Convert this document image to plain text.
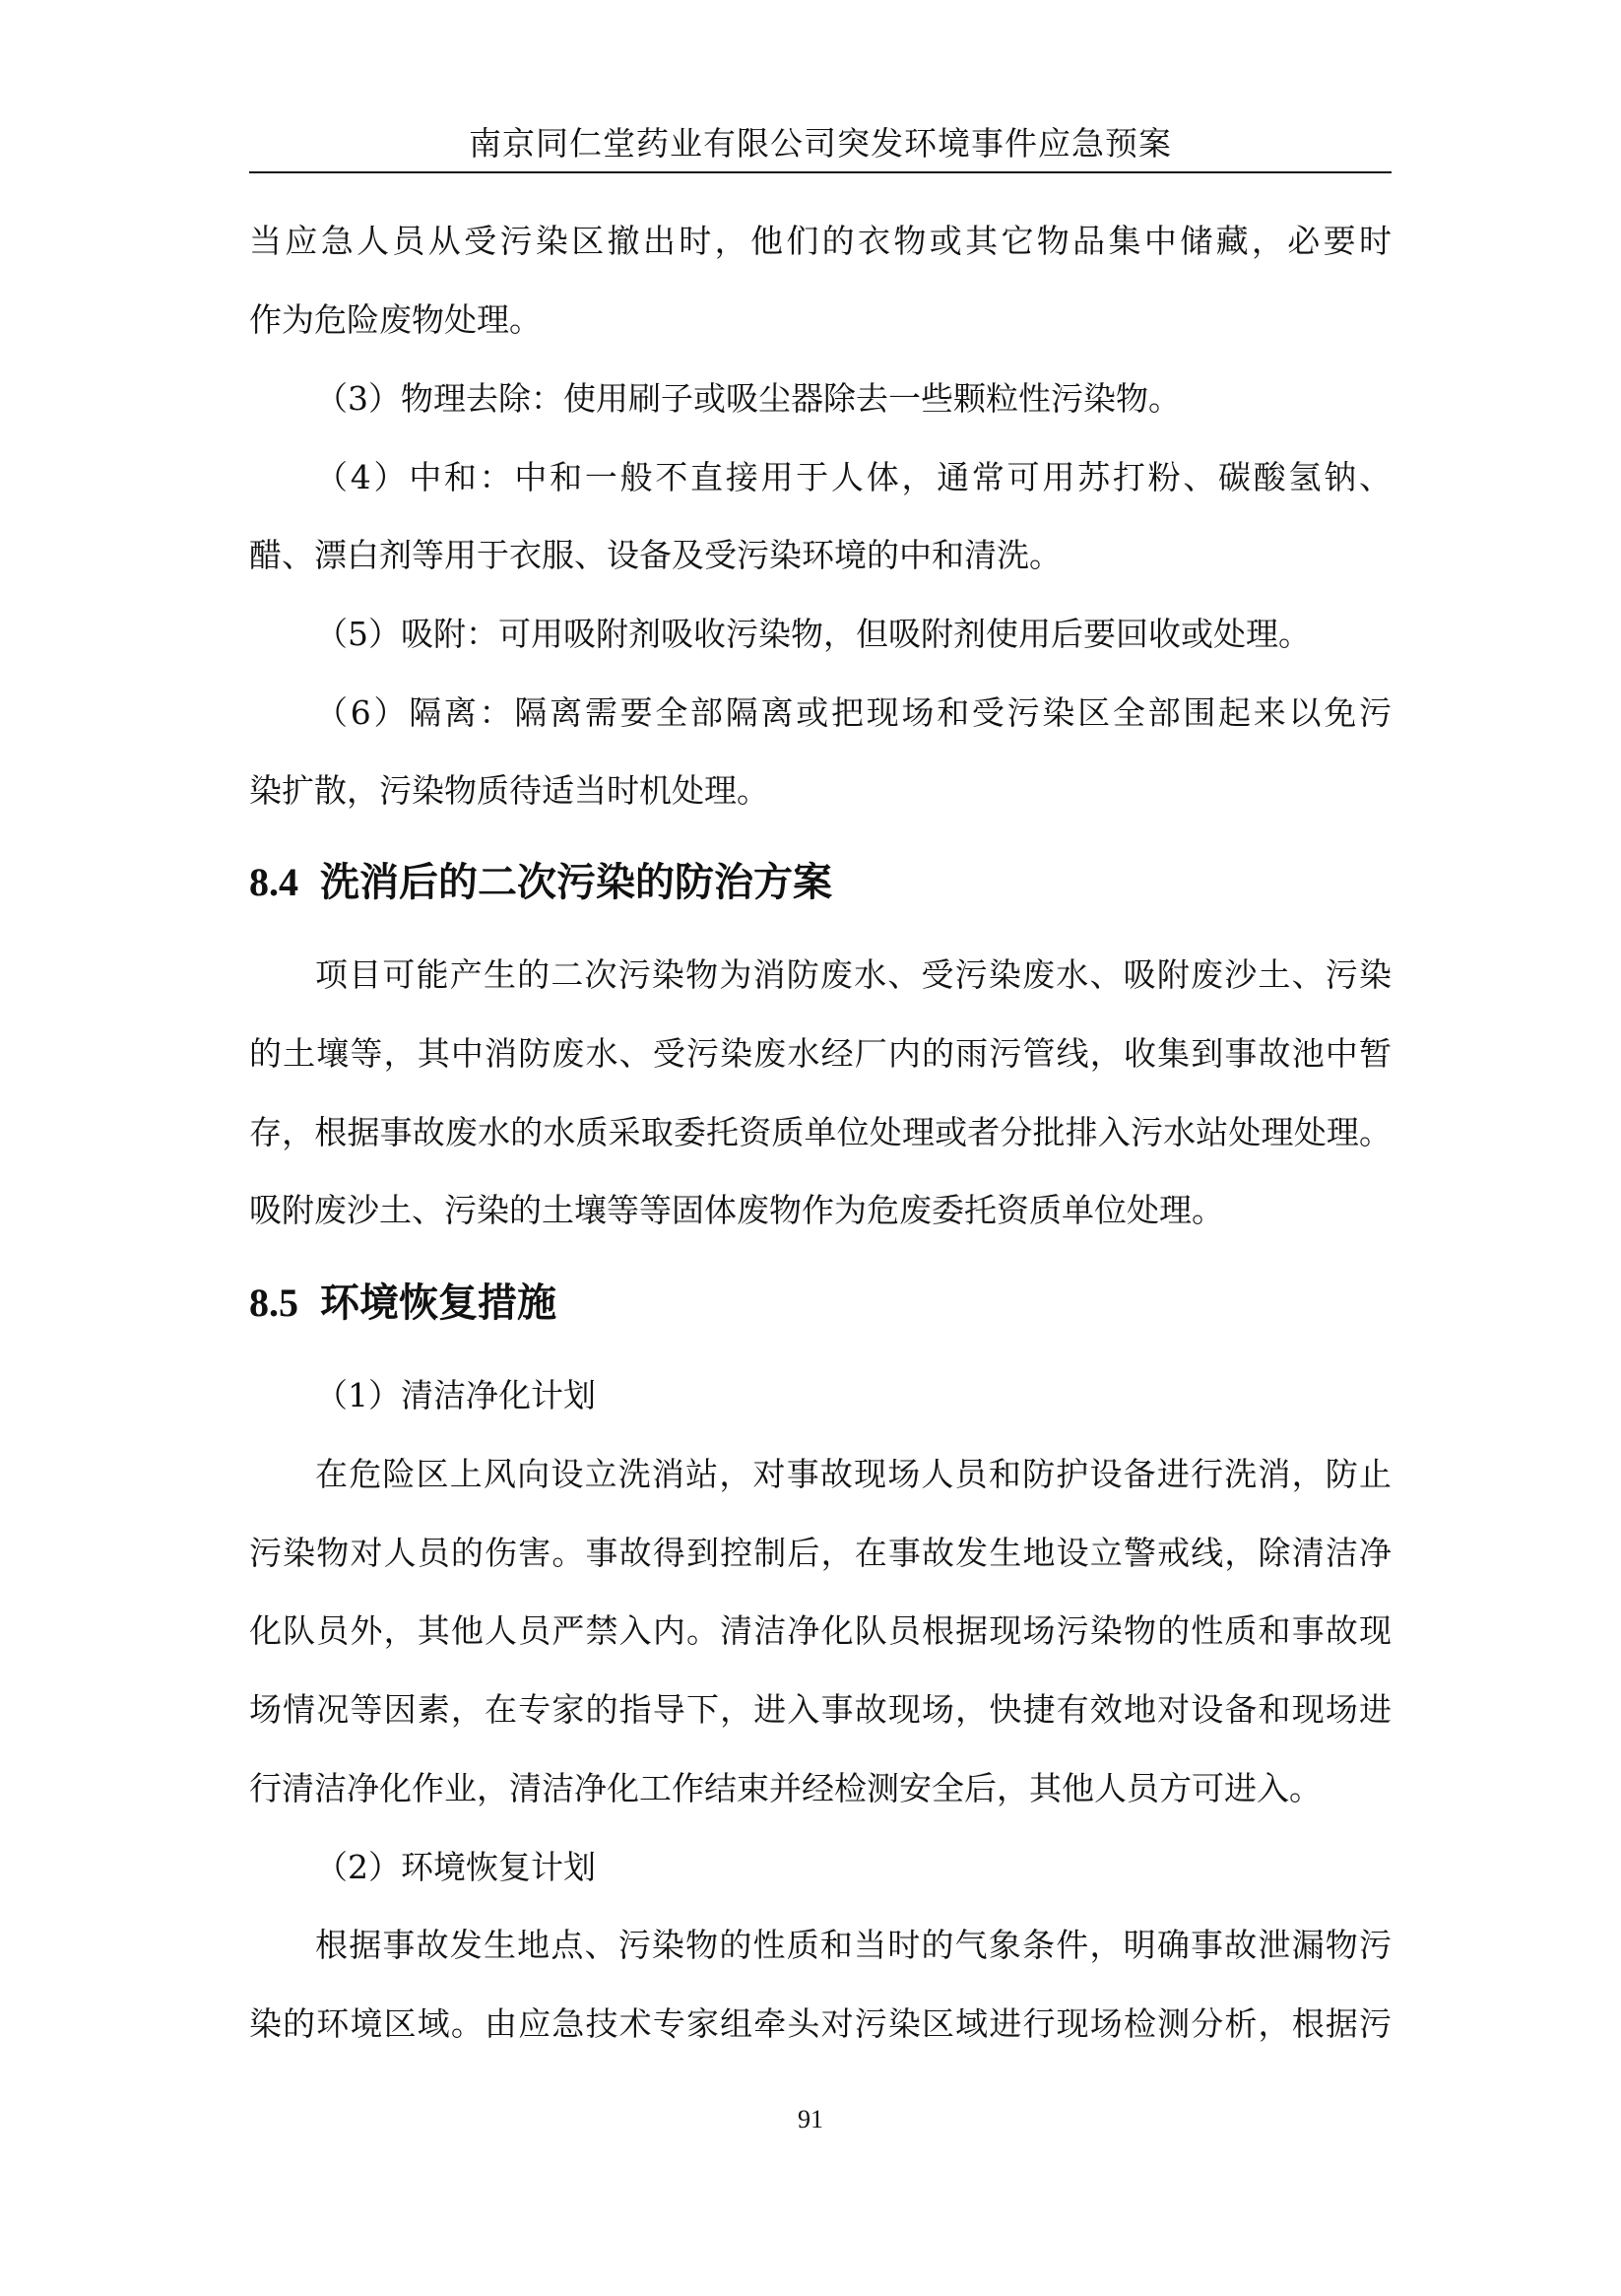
南京同仁堂药业有限公司突发环境事件应急预案
当应急人员从受污染区撤出时，他们的衣物或其它物品集中储藏，必要时
作为危险废物处理。
（3）物理去除：使用刷子或吸尘器除去一些颗粒性污染物。
（4）中和：中和一般不直接用于人体，通常可用苏打粉、碳酸氢钠、
醋、漂白剂等用于衣服、设备及受污染环境的中和清洗。
（5）吸附：可用吸附剂吸收污染物，但吸附剂使用后要回收或处理。
（6）隔离：隔离需要全部隔离或把现场和受污染区全部围起来以免污
染扩散，污染物质待适当时机处理。
8.4 洗消后的二次污染的防治方案
项目可能产生的二次污染物为消防废水、受污染废水、吸附废沙土、污染
的土壤等，其中消防废水、受污染废水经厂内的雨污管线，收集到事故池中暂
存，根据事故废水的水质采取委托资质单位处理或者分批排入污水站处理处理。
吸附废沙土、污染的土壤等等固体废物作为危废委托资质单位处理。
8.5 环境恢复措施
（1）清洁净化计划
在危险区上风向设立洗消站，对事故现场人员和防护设备进行洗消，防止
污染物对人员的伤害。事故得到控制后，在事故发生地设立警戒线，除清洁净
化队员外，其他人员严禁入内。清洁净化队员根据现场污染物的性质和事故现
场情况等因素，在专家的指导下，进入事故现场，快捷有效地对设备和现场进
行清洁净化作业，清洁净化工作结束并经检测安全后，其他人员方可进入。
（2）环境恢复计划
根据事故发生地点、污染物的性质和当时的气象条件，明确事故泄漏物污
染的环境区域。由应急技术专家组牵头对污染区域进行现场检测分析，根据污
91
